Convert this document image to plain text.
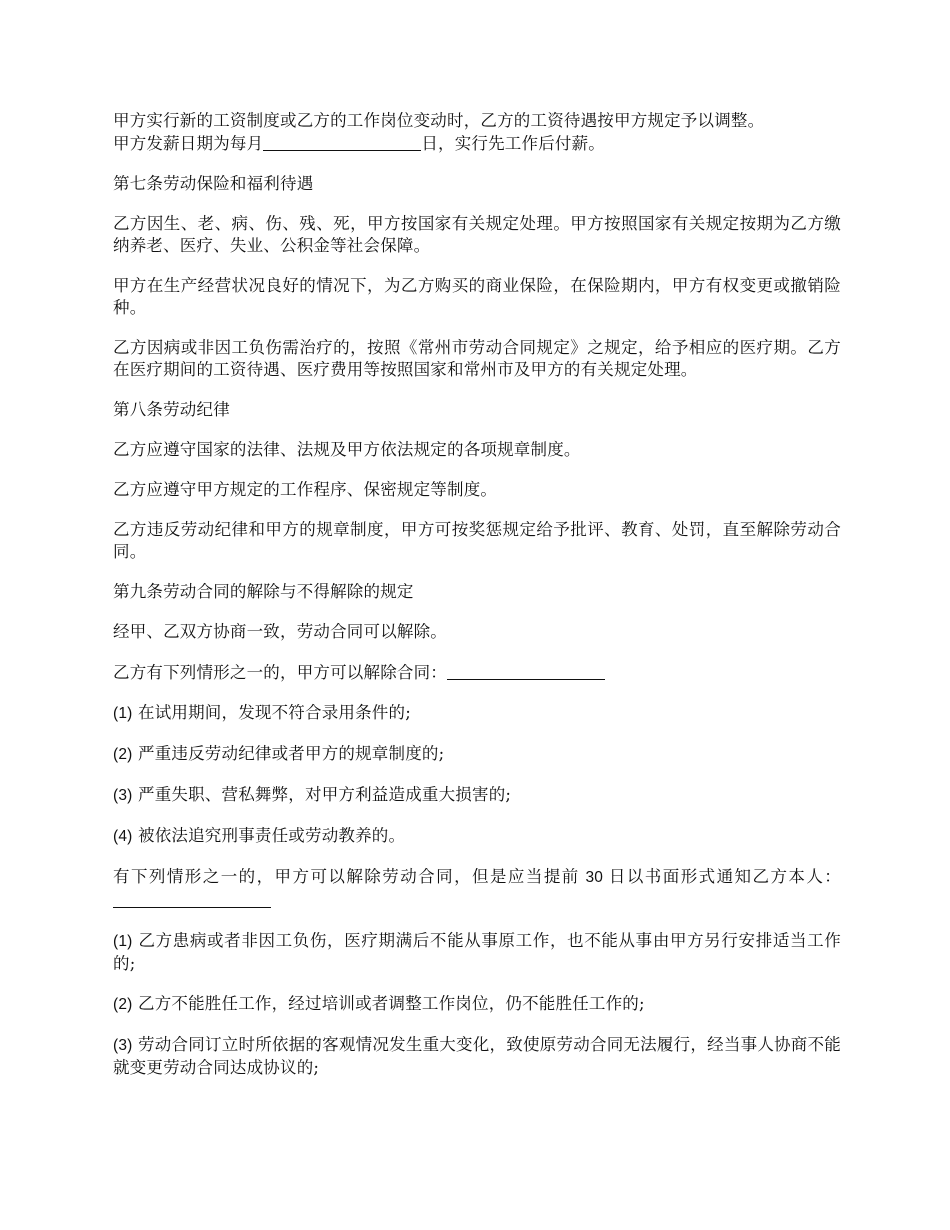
甲方实行新的工资制度或乙方的工作岗位变动时，乙方的工资待遇按甲方规定予以调整。
甲方发薪日期为每月	日，实行先工作后付薪。

第七条劳动保险和福利待遇

乙方因生、老、病、伤、残、死，甲方按国家有关规定处理。甲方按照国家有关规定按期为乙方缴纳养老、医疗、失业、公积金等社会保障。

甲方在生产经营状况良好的情况下，为乙方购买的商业保险，在保险期内，甲方有权变更或撤销险种。

乙方因病或非因工负伤需治疗的，按照《常州市劳动合同规定》之规定，给予相应的医疗期。乙方在医疗期间的工资待遇、医疗费用等按照国家和常州市及甲方的有关规定处理。

第八条劳动纪律

乙方应遵守国家的法律、法规及甲方依法规定的各项规章制度。

乙方应遵守甲方规定的工作程序、保密规定等制度。

乙方违反劳动纪律和甲方的规章制度，甲方可按奖惩规定给予批评、教育、处罚，直至解除劳动合同。

第九条劳动合同的解除与不得解除的规定

经甲、乙双方协商一致，劳动合同可以解除。

乙方有下列情形之一的，甲方可以解除合同：

(1) 在试用期间，发现不符合录用条件的;

(2) 严重违反劳动纪律或者甲方的规章制度的;

(3) 严重失职、营私舞弊，对甲方利益造成重大损害的;

(4) 被依法追究刑事责任或劳动教养的。

有下列情形之一的，甲方可以解除劳动合同，但是应当提前 30 日以书面形式通知乙方本人：

(1) 乙方患病或者非因工负伤，医疗期满后不能从事原工作，也不能从事由甲方另行安排适当工作的;

(2) 乙方不能胜任工作，经过培训或者调整工作岗位，仍不能胜任工作的;

(3) 劳动合同订立时所依据的客观情况发生重大变化，致使原劳动合同无法履行，经当事人协商不能就变更劳动合同达成协议的;
